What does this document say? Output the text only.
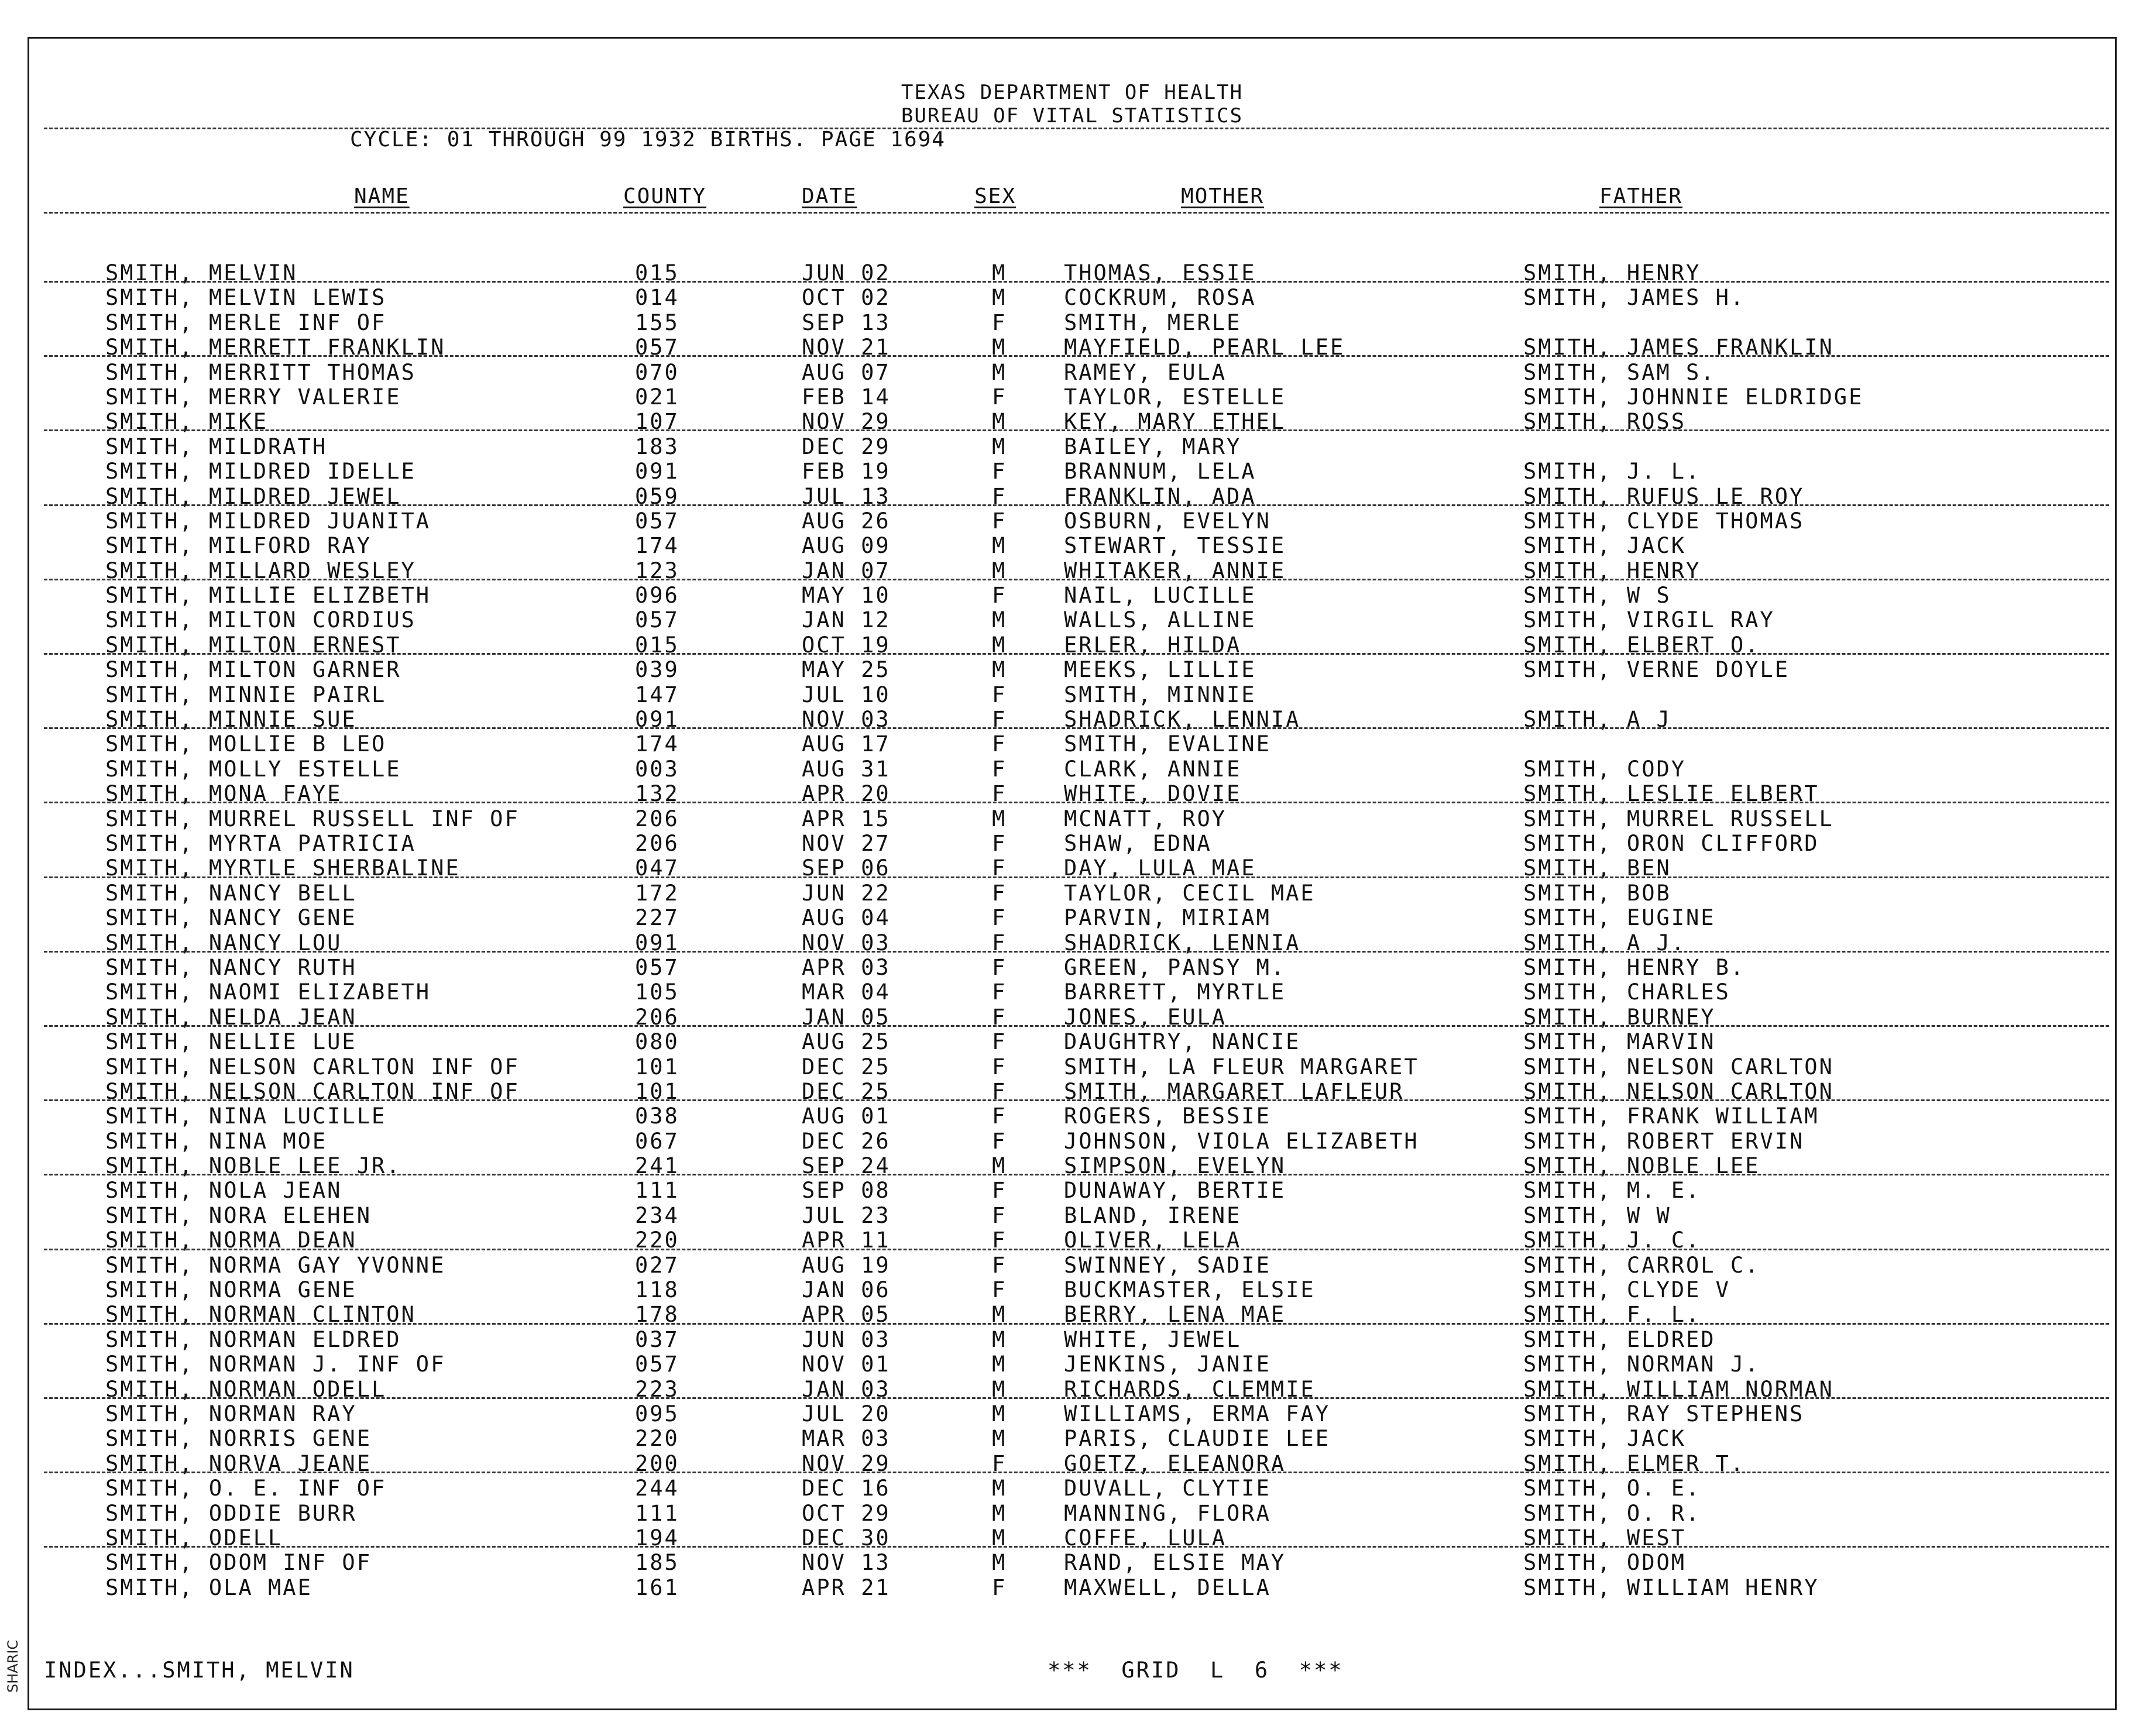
SHARIC

TEXAS DEPARTMENT OF HEALTH

BUREAU OF VITAL STATISTICS

CYCLE: 01 THROUGH 99 1932 BIRTHS. PAGE 1694
NAME	COUNTY	DATE	SEX	MOTHER	FATHER
SMITH, MELVIN	015	JUN 02	M	THOMAS, ESSIE	SMITH, HENRY
SMITH, MELVIN LEWIS	014	OCT 02	M	COCKRUM, ROSA	SMITH, JAMES H.
SMITH, MERLE INF OF	155	SEP 13	F	SMITH, MERLE
SMITH, MERRETT FRANKLIN	057	NOV 21	M	MAYFIELD, PEARL LEE	SMITH, JAMES FRANKLIN
SMITH, MERRITT THOMAS	070	AUG 07	M	RAMEY, EULA	SMITH, SAM S.
SMITH, MERRY VALERIE	021	FEB 14	F	TAYLOR, ESTELLE	SMITH, JOHNNIE ELDRIDGE
SMITH, MIKE	107	NOV 29	M	KEY, MARY ETHEL	SMITH, ROSS
SMITH, MILDRATH	183	DEC 29	M	BAILEY, MARY
SMITH, MILDRED IDELLE	091	FEB 19	F	BRANNUM, LELA	SMITH, J. L.
SMITH, MILDRED JEWEL	059	JUL 13	F	FRANKLIN, ADA	SMITH, RUFUS LE ROY
SMITH, MILDRED JUANITA	057	AUG 26	F	OSBURN, EVELYN	SMITH, CLYDE THOMAS
SMITH, MILFORD RAY	174	AUG 09	M	STEWART, TESSIE	SMITH, JACK
SMITH, MILLARD WESLEY	123	JAN 07	M	WHITAKER, ANNIE	SMITH, HENRY
SMITH, MILLIE ELIZBETH	096	MAY 10	F	NAIL, LUCILLE	SMITH, W S
SMITH, MILTON CORDIUS	057	JAN 12	M	WALLS, ALLINE	SMITH, VIRGIL RAY
SMITH, MILTON ERNEST	015	OCT 19	M	ERLER, HILDA	SMITH, ELBERT O.
SMITH, MILTON GARNER	039	MAY 25	M	MEEKS, LILLIE	SMITH, VERNE DOYLE
SMITH, MINNIE PAIRL	147	JUL 10	F	SMITH, MINNIE
SMITH, MINNIE SUE	091	NOV 03	F	SHADRICK, LENNIA	SMITH, A J
SMITH, MOLLIE B LEO	174	AUG 17	F	SMITH, EVALINE
SMITH, MOLLY ESTELLE	003	AUG 31	F	CLARK, ANNIE	SMITH, CODY
SMITH, MONA FAYE	132	APR 20	F	WHITE, DOVIE	SMITH, LESLIE ELBERT
SMITH, MURREL RUSSELL INF OF	206	APR 15	M	MCNATT, ROY	SMITH, MURREL RUSSELL
SMITH, MYRTA PATRICIA	206	NOV 27	F	SHAW, EDNA	SMITH, ORON CLIFFORD
SMITH, MYRTLE SHERBALINE	047	SEP 06	F	DAY, LULA MAE	SMITH, BEN
SMITH, NANCY BELL	172	JUN 22	F	TAYLOR, CECIL MAE	SMITH, BOB
SMITH, NANCY GENE	227	AUG 04	F	PARVIN, MIRIAM	SMITH, EUGINE
SMITH, NANCY LOU	091	NOV 03	F	SHADRICK, LENNIA	SMITH, A J.
SMITH, NANCY RUTH	057	APR 03	F	GREEN, PANSY M.	SMITH, HENRY B.
SMITH, NAOMI ELIZABETH	105	MAR 04	F	BARRETT, MYRTLE	SMITH, CHARLES
SMITH, NELDA JEAN	206	JAN 05	F	JONES, EULA	SMITH, BURNEY
SMITH, NELLIE LUE	080	AUG 25	F	DAUGHTRY, NANCIE	SMITH, MARVIN
SMITH, NELSON CARLTON INF OF	101	DEC 25	F	SMITH, LA FLEUR MARGARET	SMITH, NELSON CARLTON
SMITH, NELSON CARLTON INF OF	101	DEC 25	F	SMITH, MARGARET LAFLEUR	SMITH, NELSON CARLTON
SMITH, NINA LUCILLE	038	AUG 01	F	ROGERS, BESSIE	SMITH, FRANK WILLIAM
SMITH, NINA MOE	067	DEC 26	F	JOHNSON, VIOLA ELIZABETH	SMITH, ROBERT ERVIN
SMITH, NOBLE LEE JR.	241	SEP 24	M	SIMPSON, EVELYN	SMITH, NOBLE LEE
SMITH, NOLA JEAN	111	SEP 08	F	DUNAWAY, BERTIE	SMITH, M. E.
SMITH, NORA ELEHEN	234	JUL 23	F	BLAND, IRENE	SMITH, W W
SMITH, NORMA DEAN	220	APR 11	F	OLIVER, LELA	SMITH, J. C.
SMITH, NORMA GAY YVONNE	027	AUG 19	F	SWINNEY, SADIE	SMITH, CARROL C.
SMITH, NORMA GENE	118	JAN 06	F	BUCKMASTER, ELSIE	SMITH, CLYDE V
SMITH, NORMAN CLINTON	178	APR 05	M	BERRY, LENA MAE	SMITH, F. L.
SMITH, NORMAN ELDRED	037	JUN 03	M	WHITE, JEWEL	SMITH, ELDRED
SMITH, NORMAN J. INF OF	057	NOV 01	M	JENKINS, JANIE	SMITH, NORMAN J.
SMITH, NORMAN ODELL	223	JAN 03	M	RICHARDS, CLEMMIE	SMITH, WILLIAM NORMAN
SMITH, NORMAN RAY	095	JUL 20	M	WILLIAMS, ERMA FAY	SMITH, RAY STEPHENS
SMITH, NORRIS GENE	220	MAR 03	M	PARIS, CLAUDIE LEE	SMITH, JACK
SMITH, NORVA JEANE	200	NOV 29	F	GOETZ, ELEANORA	SMITH, ELMER T.
SMITH, O. E. INF OF	244	DEC 16	M	DUVALL, CLYTIE	SMITH, O. E.
SMITH, ODDIE BURR	111	OCT 29	M	MANNING, FLORA	SMITH, O. R.
SMITH, ODELL	194	DEC 30	M	COFFE, LULA	SMITH, WEST
SMITH, ODOM INF OF	185	NOV 13	M	RAND, ELSIE MAY	SMITH, ODOM
SMITH, OLA MAE	161	APR 21	F	MAXWELL, DELLA	SMITH, WILLIAM HENRY
INDEX...SMITH, MELVIN	***  GRID  L  6  ***
